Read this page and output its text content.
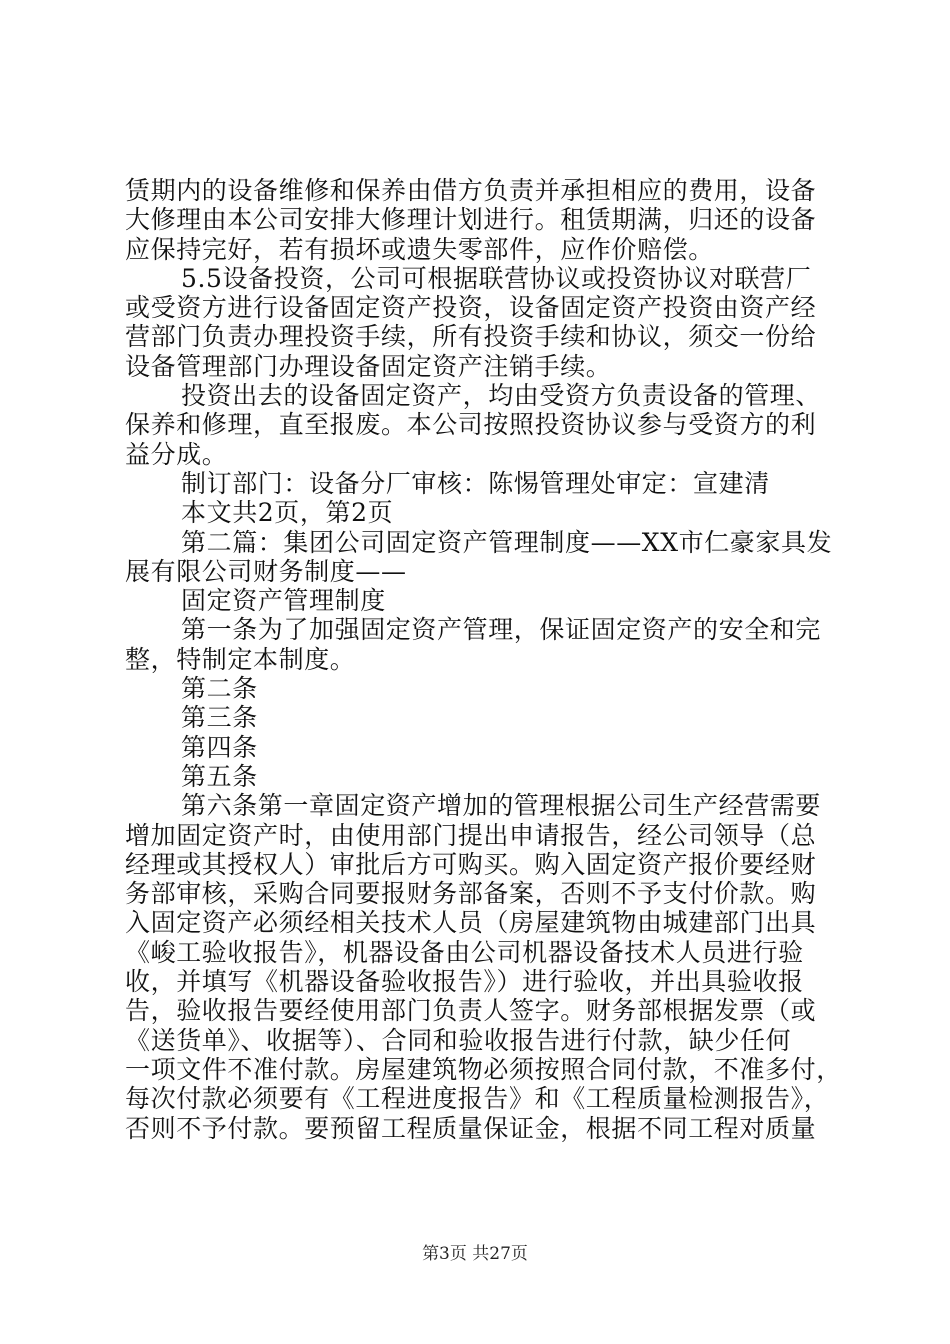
赁期内的设备维修和保养由借方负责并承担相应的费用，设备
大修理由本公司安排大修理计划进行。租赁期满，归还的设备
应保持完好，若有损坏或遗失零部件，应作价赔偿。
5.5设备投资，公司可根据联营协议或投资协议对联营厂
或受资方进行设备固定资产投资，设备固定资产投资由资产经
营部门负责办理投资手续，所有投资手续和协议，须交一份给
设备管理部门办理设备固定资产注销手续。
投资出去的设备固定资产，均由受资方负责设备的管理、
保养和修理，直至报废。本公司按照投资协议参与受资方的利
益分成。
制订部门：设备分厂审核：陈惕管理处审定：宣建清
本文共2页，第2页
第二篇：集团公司固定资产管理制度——XX市仁豪家具发
展有限公司财务制度——
固定资产管理制度
第一条为了加强固定资产管理，保证固定资产的安全和完
整，特制定本制度。
第二条
第三条
第四条
第五条
第六条第一章固定资产增加的管理根据公司生产经营需要
增加固定资产时，由使用部门提出申请报告，经公司领导（总
经理或其授权人）审批后方可购买。购入固定资产报价要经财
务部审核，采购合同要报财务部备案，否则不予支付价款。购
入固定资产必须经相关技术人员（房屋建筑物由城建部门出具
《峻工验收报告》，机器设备由公司机器设备技术人员进行验
收，并填写《机器设备验收报告》）进行验收，并出具验收报
告，验收报告要经使用部门负责人签字。财务部根据发票（或
《送货单》、收据等）、合同和验收报告进行付款，缺少任何
一项文件不准付款。房屋建筑物必须按照合同付款，不准多付，
每次付款必须要有《工程进度报告》和《工程质量检测报告》，
否则不予付款。要预留工程质量保证金，根据不同工程对质量
第3页 共27页
